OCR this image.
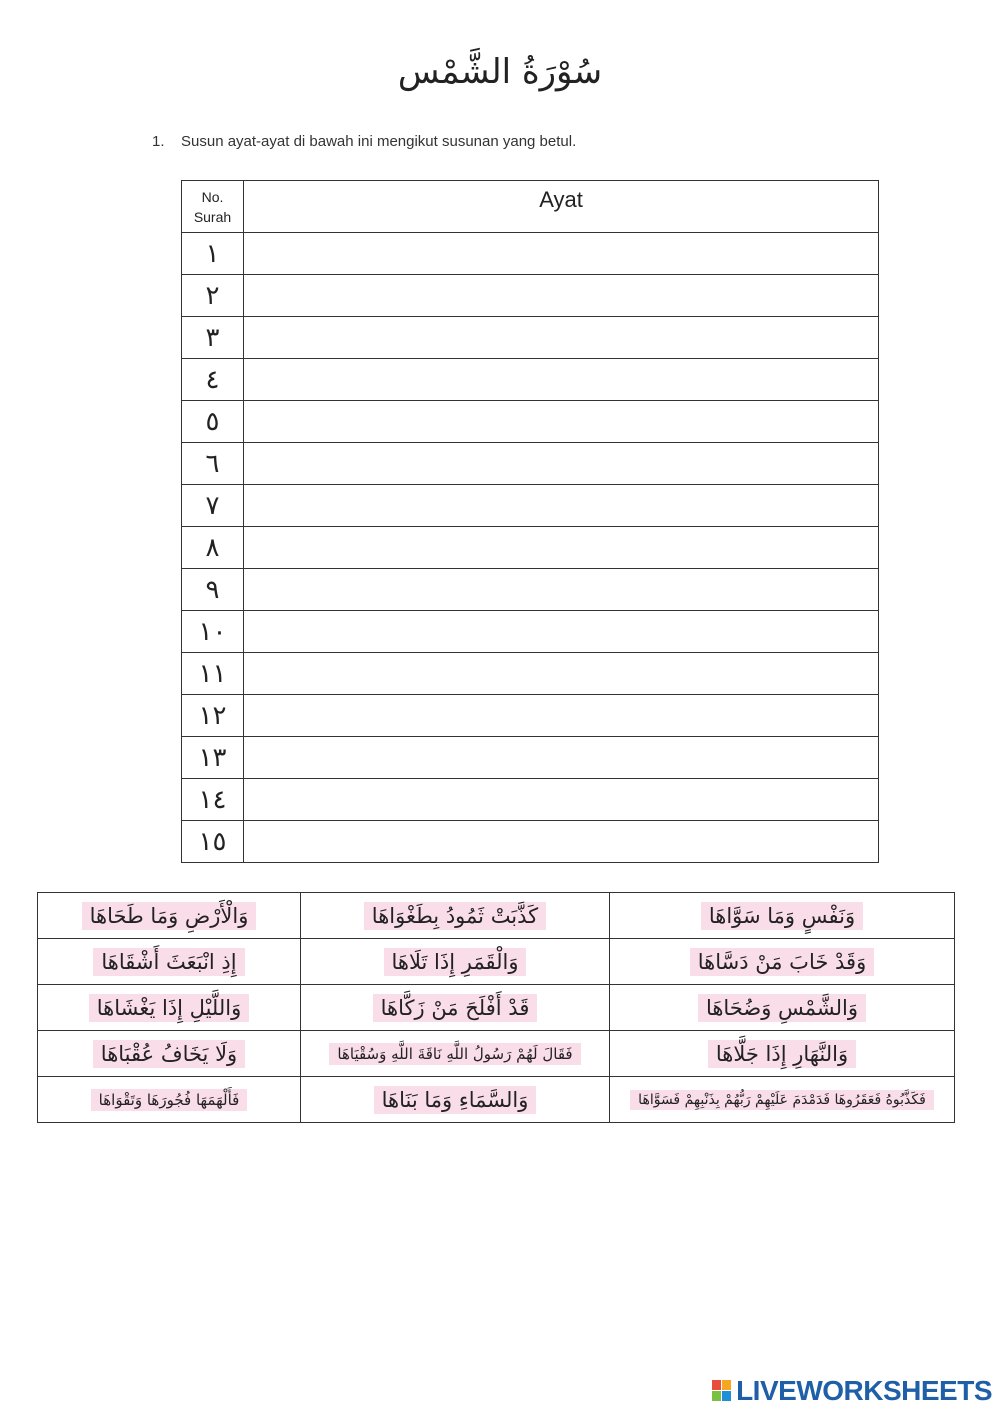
سُوْرَةُ الشَّمْس
1. Susun ayat-ayat di bawah ini mengikut susunan yang betul.
No. Surah	Ayat
١	
٢	
٣	
٤	
٥	
٦	
٧	
٨	
٩	
١٠	
١١	
١٢	
١٣	
١٤	
١٥	
وَالْأَرْضِ وَمَا طَحَاهَا	كَذَّبَتْ ثَمُودُ بِطَغْوَاهَا	وَنَفْسٍ وَمَا سَوَّاهَا
إِذِ انْبَعَثَ أَشْقَاهَا	وَالْقَمَرِ إِذَا تَلَاهَا	وَقَدْ خَابَ مَنْ دَسَّاهَا
وَاللَّيْلِ إِذَا يَغْشَاهَا	قَدْ أَفْلَحَ مَنْ زَكَّاهَا	وَالشَّمْسِ وَضُحَاهَا
وَلَا يَخَافُ عُقْبَاهَا	فَقَالَ لَهُمْ رَسُولُ اللَّهِ نَاقَةَ اللَّهِ وَسُقْيَاهَا	وَالنَّهَارِ إِذَا جَلَّاهَا
فَأَلْهَمَهَا فُجُورَهَا وَتَقْوَاهَا	وَالسَّمَاءِ وَمَا بَنَاهَا	فَكَذَّبُوهُ فَعَقَرُوهَا فَدَمْدَمَ عَلَيْهِمْ رَبُّهُمْ بِذَنْبِهِمْ فَسَوَّاهَا
LIVEWORKSHEETS
